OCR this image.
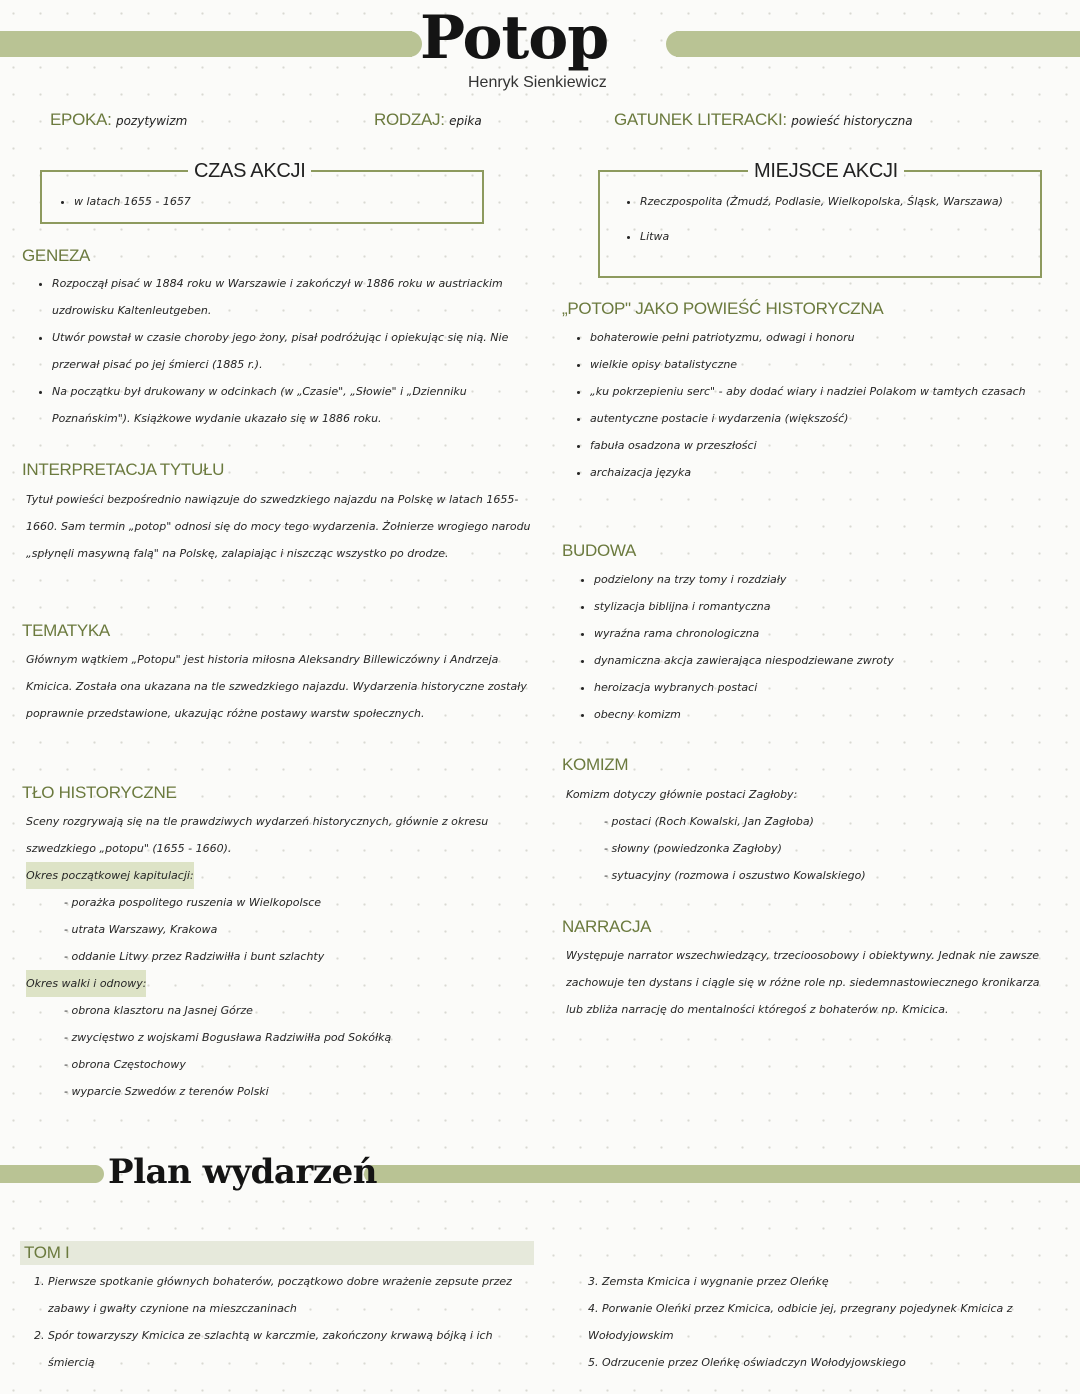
Potop
Henryk Sienkiewicz
EPOKA: pozytywizm	RODZAJ: epika	GATUNEK LITERACKI: powieść historyczna
CZAS AKCJI
• w latach 1655 - 1657
MIEJSCE AKCJI
• Rzeczpospolita (Żmudź, Podlasie, Wielkopolska, Śląsk, Warszawa)
• Litwa
GENEZA
• Rozpoczął pisać w 1884 roku w Warszawie i zakończył w 1886 roku w austriackim uzdrowisku Kaltenleutgeben.
• Utwór powstał w czasie choroby jego żony, pisał podróżując i opiekując się nią. Nie przerwał pisać po jej śmierci (1885 r.).
• Na początku był drukowany w odcinkach (w „Czasie", „Słowie" i „Dzienniku Poznańskim"). Książkowe wydanie ukazało się w 1886 roku.
INTERPRETACJA TYTUŁU
Tytuł powieści bezpośrednio nawiązuje do szwedzkiego najazdu na Polskę w latach 1655-1660. Sam termin „potop" odnosi się do mocy tego wydarzenia. Żołnierze wrogiego narodu „spłynęli masywną falą" na Polskę, zalapiając i niszcząc wszystko po drodze.
TEMATYKA
Głównym wątkiem „Potopu" jest historia miłosna Aleksandry Billewiczówny i Andrzeja Kmicica. Została ona ukazana na tle szwedzkiego najazdu. Wydarzenia historyczne zostały poprawnie przedstawione, ukazując różne postawy warstw społecznych.
TŁO HISTORYCZNE
Sceny rozgrywają się na tle prawdziwych wydarzeń historycznych, głównie z okresu szwedzkiego „potopu" (1655 - 1660).
Okres początkowej kapitulacji:
- porażka pospolitego ruszenia w Wielkopolsce
- utrata Warszawy, Krakowa
- oddanie Litwy przez Radziwiłła i bunt szlachty
Okres walki i odnowy:
- obrona klasztoru na Jasnej Górze
- zwycięstwo z wojskami Bogusława Radziwiłła pod Sokółką
- obrona Częstochowy
- wyparcie Szwedów z terenów Polski
„POTOP" JAKO POWIEŚĆ HISTORYCZNA
• bohaterowie pełni patriotyzmu, odwagi i honoru
• wielkie opisy batalistyczne
• „ku pokrzepieniu serc" - aby dodać wiary i nadziei Polakom w tamtych czasach
• autentyczne postacie i wydarzenia (większość)
• fabuła osadzona w przeszłości
• archaizacja języka
BUDOWA
• podzielony na trzy tomy i rozdziały
• stylizacja biblijna i romantyczna
• wyraźna rama chronologiczna
• dynamiczna akcja zawierająca niespodziewane zwroty
• heroizacja wybranych postaci
• obecny komizm
KOMIZM
Komizm dotyczy głównie postaci Zagłoby:
- postaci (Roch Kowalski, Jan Zagłoba)
- słowny (powiedzonka Zagłoby)
- sytuacyjny (rozmowa i oszustwo Kowalskiego)
NARRACJA
Występuje narrator wszechwiedzący, trzecioosobowy i obiektywny. Jednak nie zawsze zachowuje ten dystans i ciągle się w różne role np. siedemnastowiecznego kronikarza lub zbliża narrację do mentalności któregoś z bohaterów np. Kmicica.
Plan wydarzeń
TOM I
1. Pierwsze spotkanie głównych bohaterów, początkowo dobre wrażenie zepsute przez zabawy i gwałty czynione na mieszczaninach
2. Spór towarzyszy Kmicica ze szlachtą w karczmie, zakończony krwawą bójką i ich śmiercią
3. Zemsta Kmicica i wygnanie przez Oleńkę
4. Porwanie Oleńki przez Kmicica, odbicie jej, przegrany pojedynek Kmicica z Wołodyjowskim
5. Odrzucenie przez Oleńkę oświadczyn Wołodyjowskiego
